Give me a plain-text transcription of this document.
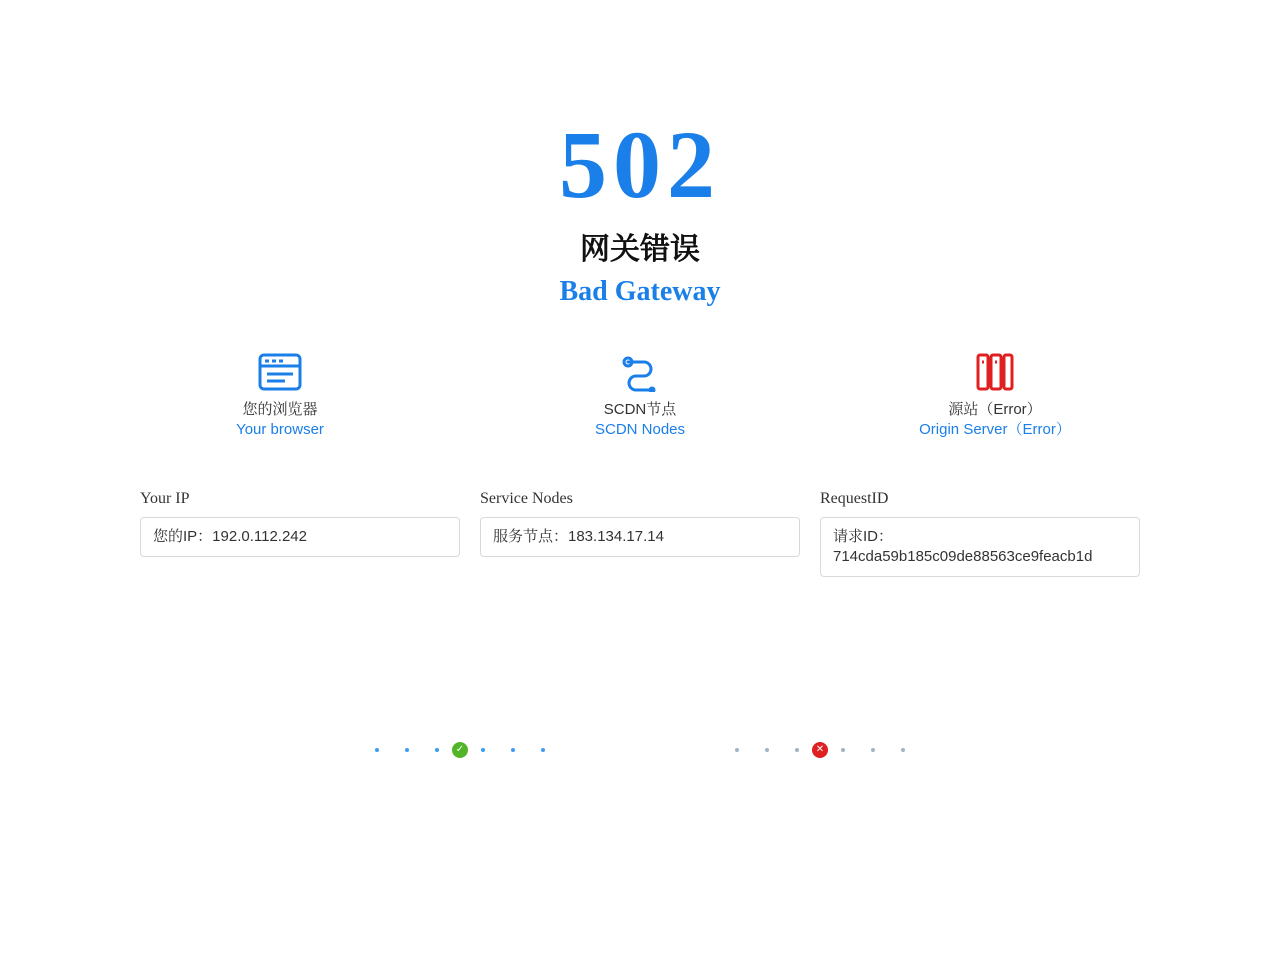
502
网关错误
Bad Gateway
您的浏览器
Your browser
✓
SCDN节点
SCDN Nodes
✕
源站（Error）
Origin Server（Error）
Your IP
您的IP：192.0.112.242
Service Nodes
服务节点：183.134.17.14
RequestID
请求ID：
714cda59b185c09de88563ce9feacb1d
